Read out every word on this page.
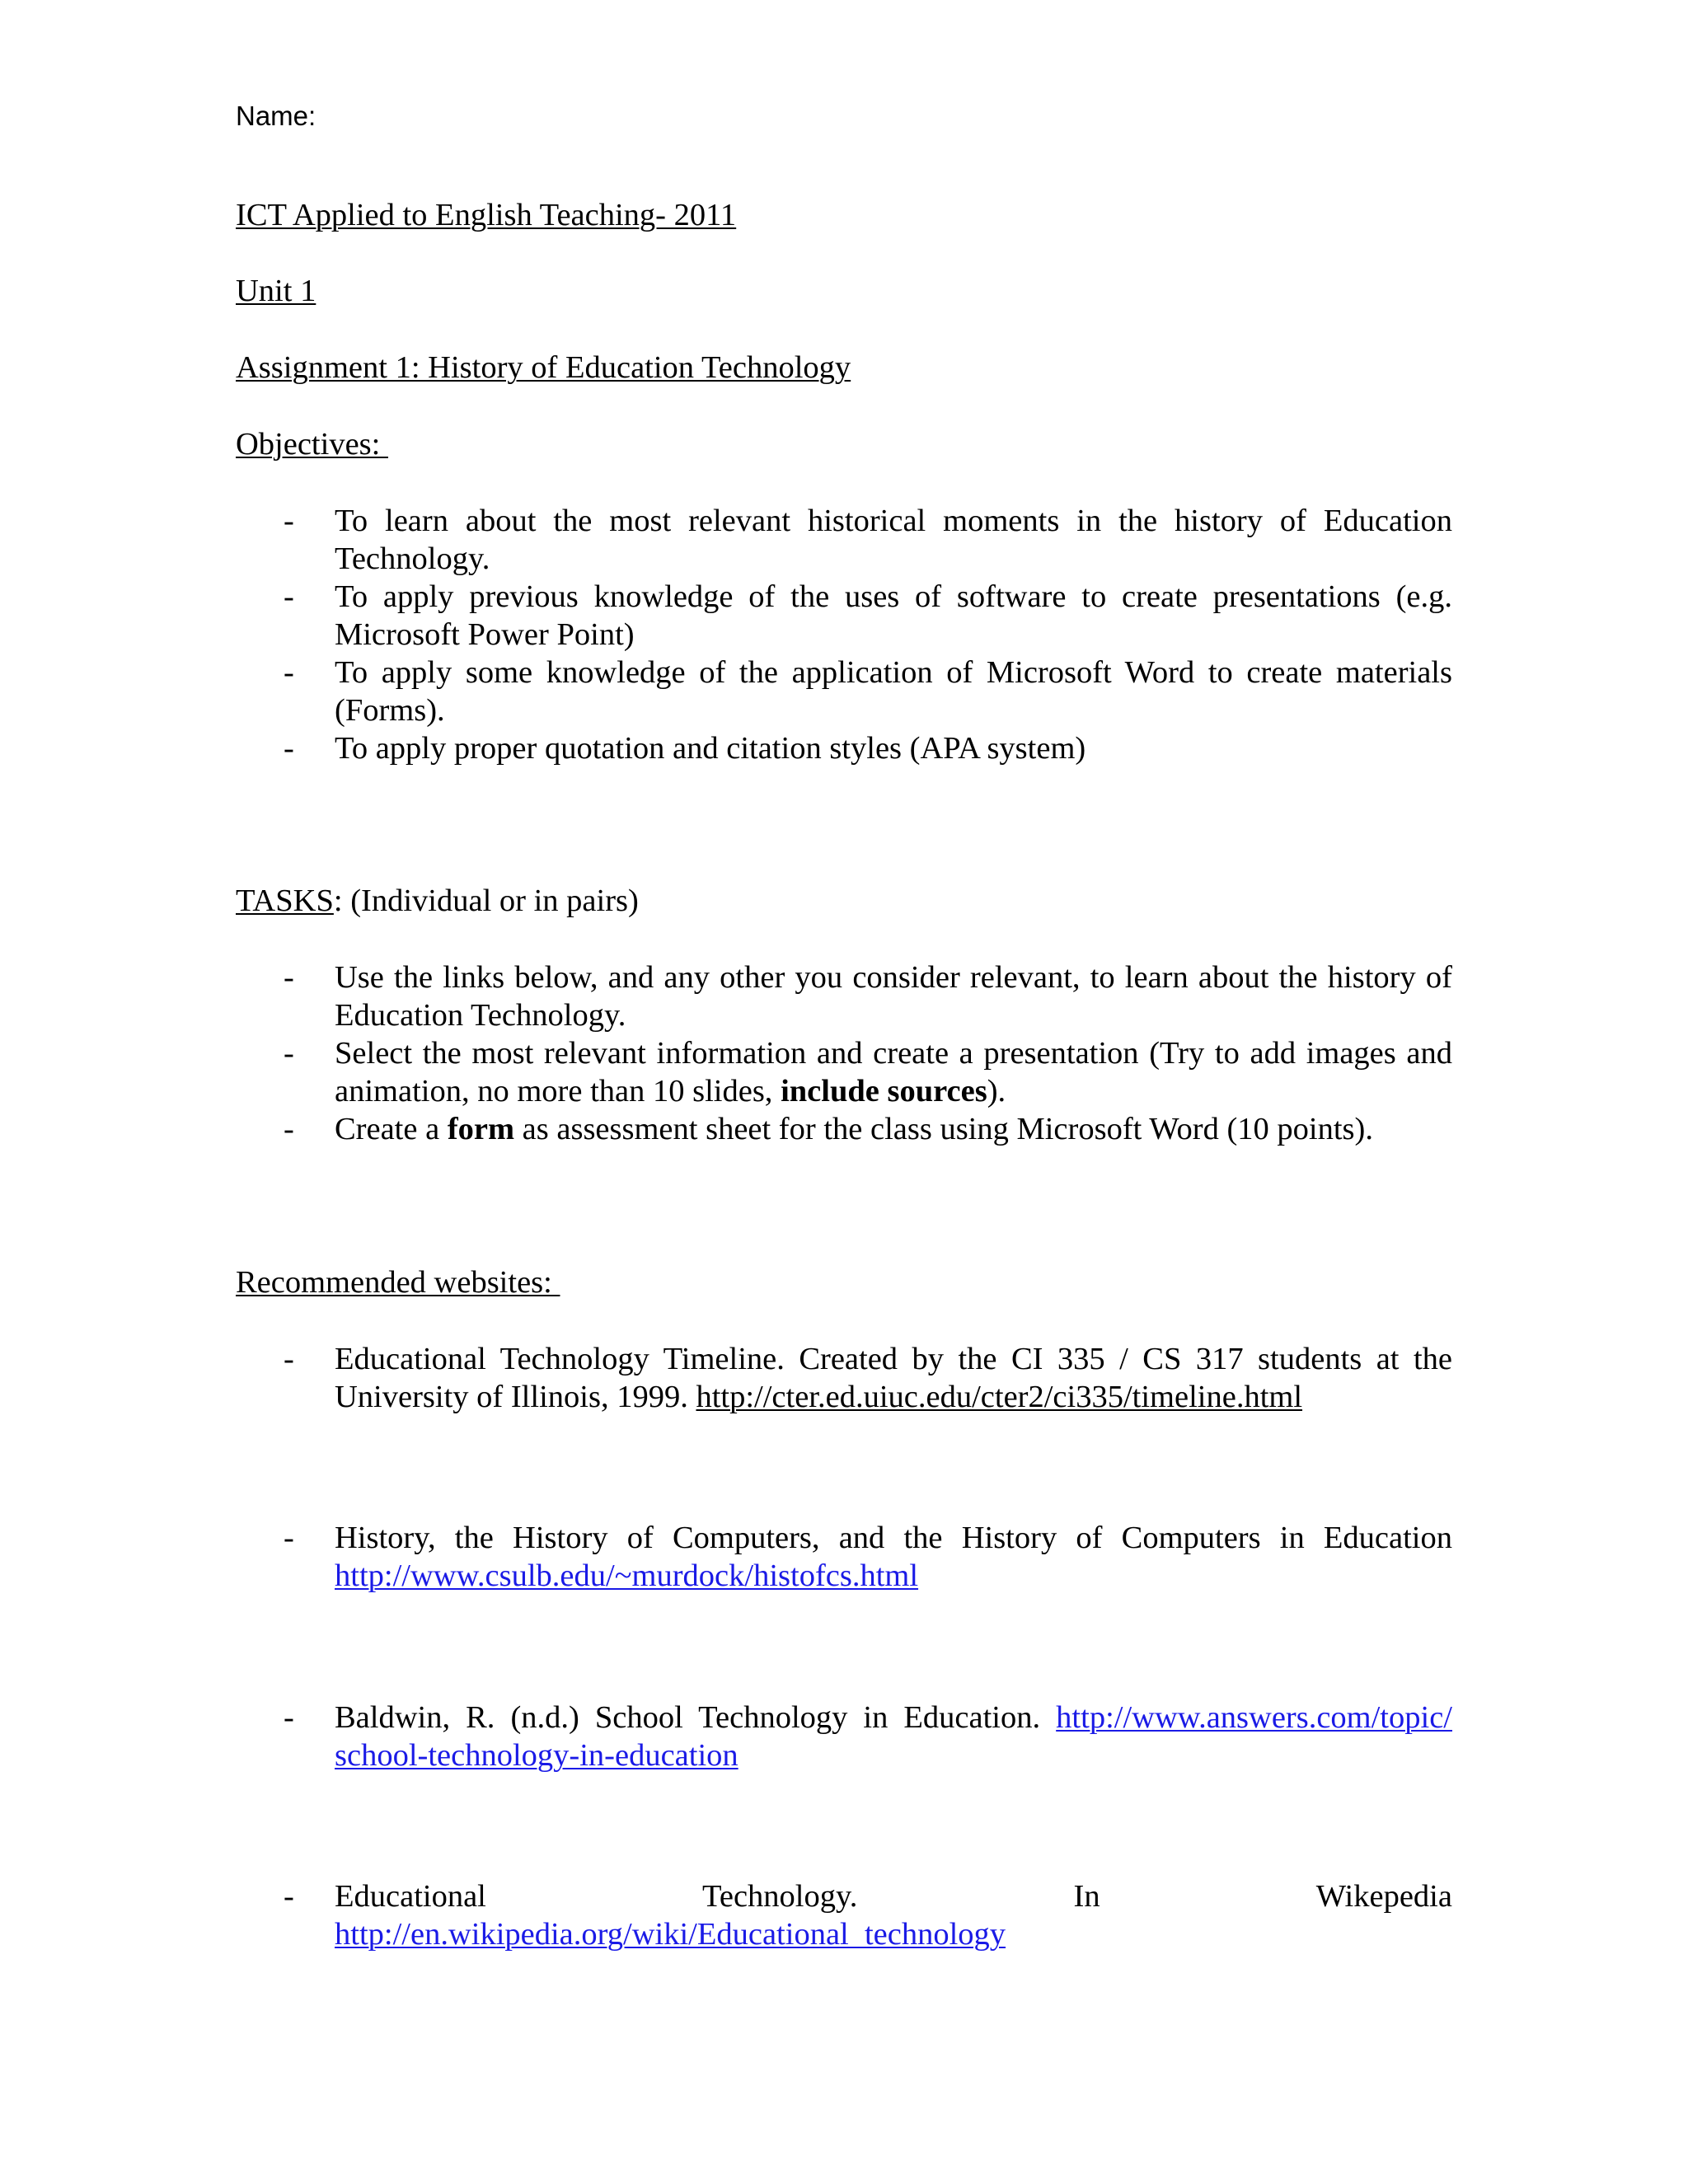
Name:
ICT Applied to English Teaching- 2011
Unit 1
Assignment 1: History of Education Technology
Objectives:
- To learn about the most relevant historical moments in the history of Education Technology.
- To apply previous knowledge of the uses of software to create presentations (e.g. Microsoft Power Point)
- To apply some knowledge of the application of Microsoft Word to create materials (Forms).
- To apply proper quotation and citation styles (APA system)
TASKS: (Individual or in pairs)
- Use the links below, and any other you consider relevant, to learn about the history of Education Technology.
- Select the most relevant information and create a presentation (Try to add images and animation, no more than 10 slides, include sources).
- Create a form as assessment sheet for the class using Microsoft Word (10 points).
Recommended websites:
- Educational Technology Timeline. Created by the CI 335 / CS 317 students at the University of Illinois, 1999. http://cter.ed.uiuc.edu/cter2/ci335/timeline.html
- History, the History of Computers, and the History of Computers in Education
http://www.csulb.edu/~murdock/histofcs.html
- Baldwin, R. (n.d.) School Technology in Education. http://www.answers.com/topic/
school-technology-in-education
- Educational	Technology.	In	Wikepedia
http://en.wikipedia.org/wiki/Educational_technology
